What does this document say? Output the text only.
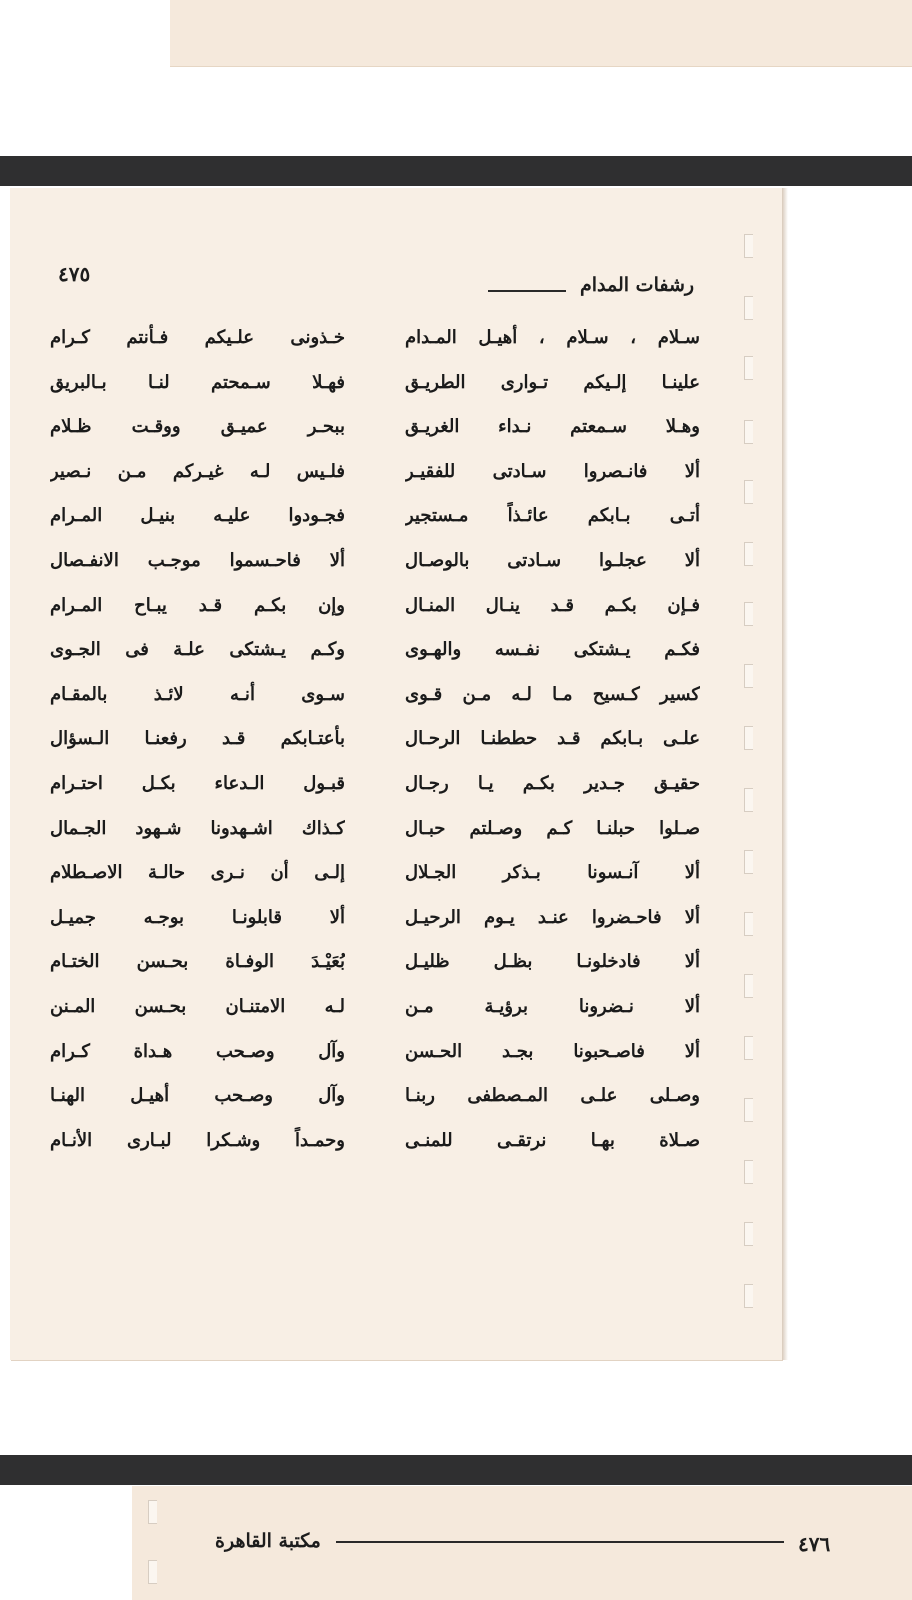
٤٧٥	رشفات المدام
سـلام ، سـلام ، أهيـل المـدام
خـذونى علـيكم فـأنتم كـرام
علينـا إلـيكم تـوارى الطريـق
فهـلا سـمحتم لنـا بـالبريق
وهـلا سـمعتم نـداء الغريـق
ببحـر عميـق ووقـت ظـلام
ألا فانـصروا سـادتى للفقيـر
فلـيس لـه غيـركم مـن نـصير
أتـى بـابكم عائـذاً مـستجير
فجـودوا عليـه بنيـل المـرام
ألا عجلـوا سـادتى بالوصـال
ألا فاحـسموا موجـب الانفـصال
فـإن بكـم قـد ينـال المنـال
وإن بكـم قـد يبـاح المـرام
فكـم يـشتكى نفـسه والهـوى
وكـم يـشتكى علـة فى الجـوى
كسير كـسيح مـا لـه مـن قـوى
سـوى أنـه لائـذ بالمقـام
علـى بـابكم قـد حططنـا الرحـال
بأعتـابكم قـد رفعنـا الـسؤال
حقيـق جـدير بكـم يـا رجـال
قبـول الـدعاء بكـل احتـرام
صـلوا حبلنـا كـم وصـلتم حبـال
كـذاك اشـهدونا شـهود الجـمال
ألا آنـسونا بـذكر الجـلال
إلـى أن نـرى حالـة الاصـطلام
ألا فاحـضروا عنـد يـوم الرحيـل
ألا قابلونـا بوجـه جميـل
ألا فادخلونـا بظـل ظليـل
بُعَيْـدَ الوفـاة بحـسن الختـام
ألا نـضرونا برؤيـة مـن
لـه الامتنـان بحـسن المـنن
ألا فاصـحبونا بجـد الحـسن
وآل وصـحب هـداة كـرام
وصـلى علـى المـصطفى ربنـا
وآل وصـحب أهيـل الهنـا
صـلاة بهـا نرتقـى للمنـى
وحمـداً وشـكرا لبـارى الأنـام
٤٧٦
مكتبة القاهرة
